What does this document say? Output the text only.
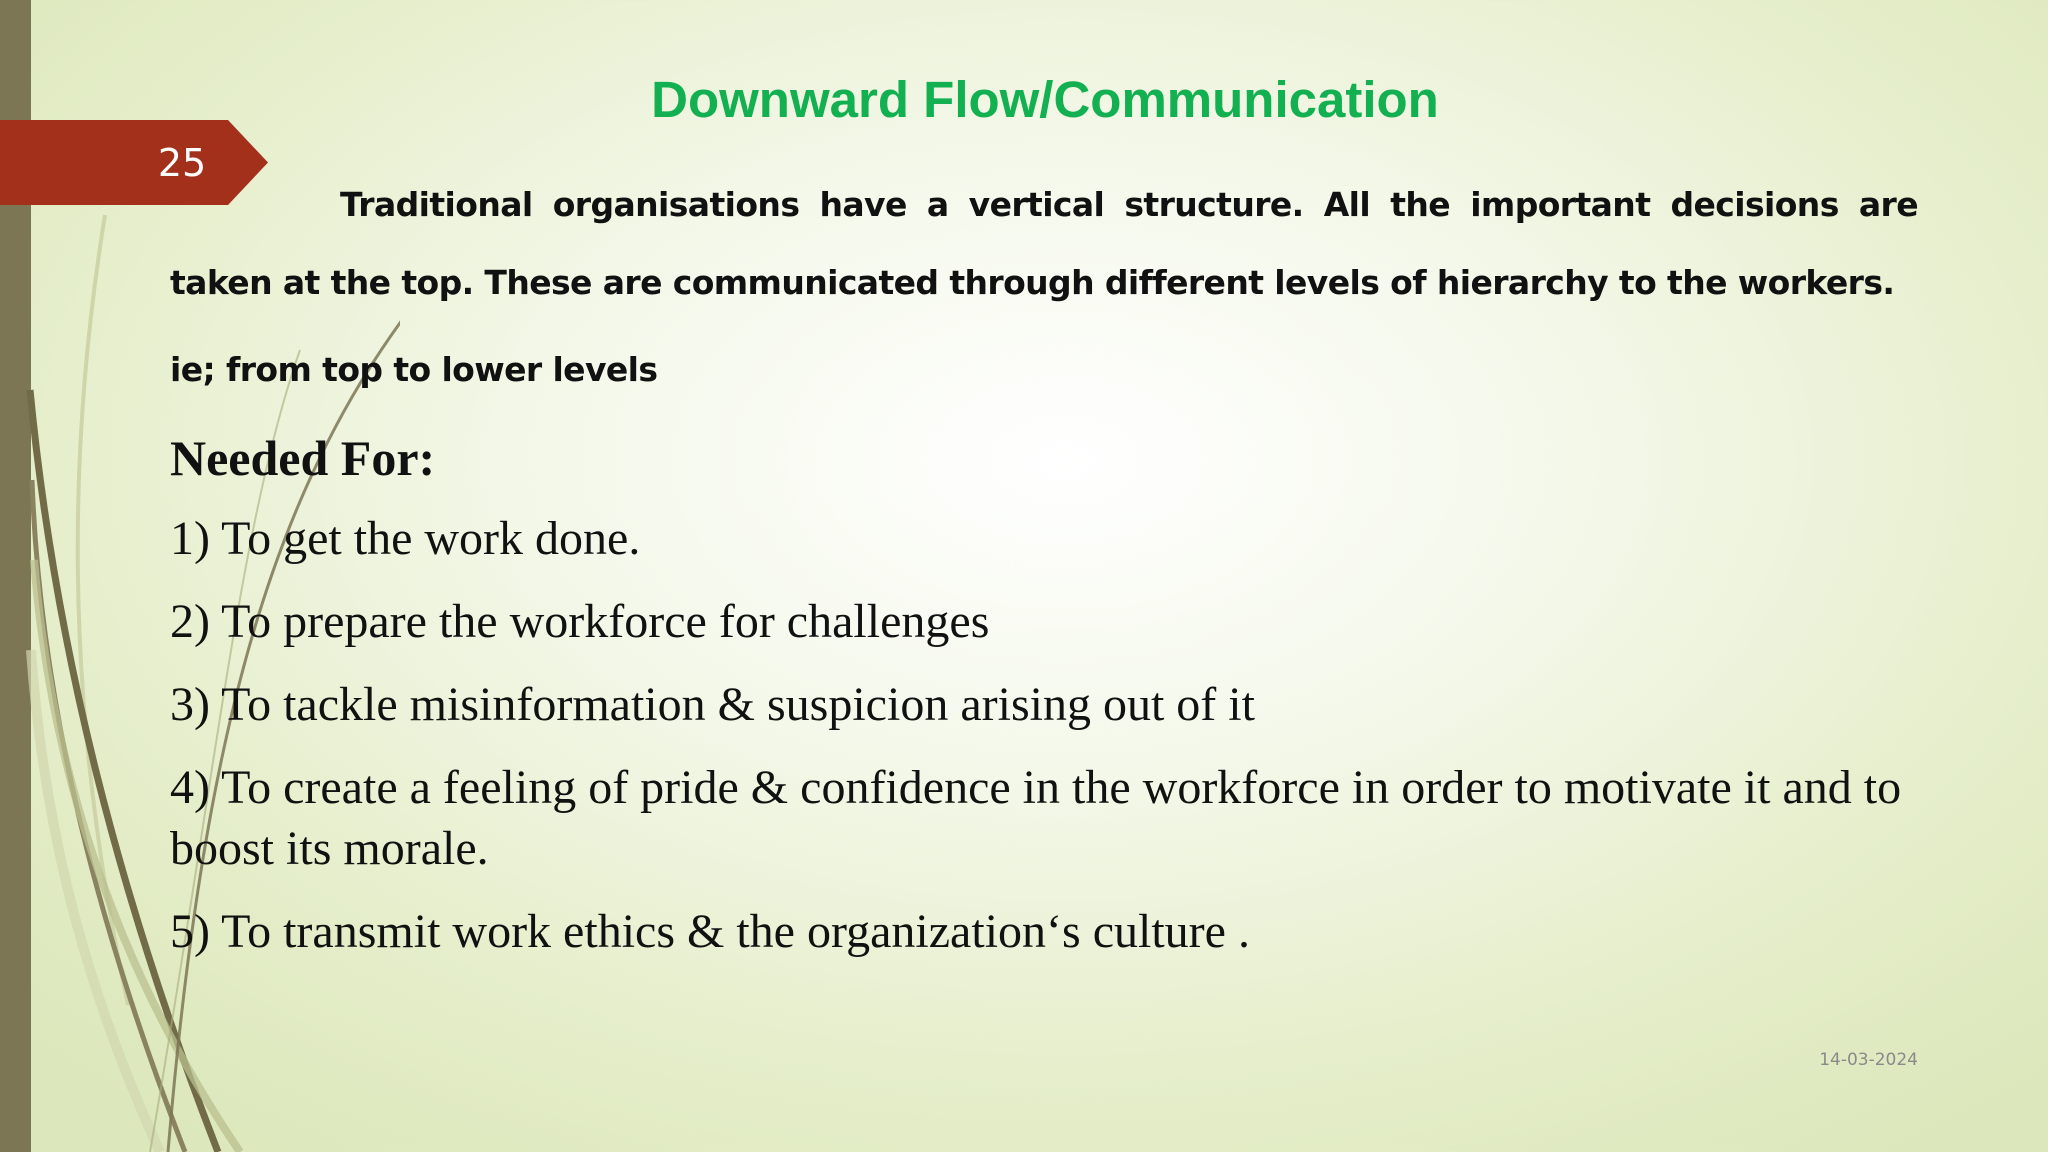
25
Downward Flow/Communication
Traditional organisations have a vertical structure. All the important decisions are taken at the top. These are communicated through different levels of hierarchy to the workers.
ie; from top to lower levels
Needed For:
1) To get the work done.
2) To prepare the workforce for challenges
3) To tackle misinformation & suspicion arising out of it
4) To create a feeling of pride & confidence in the workforce in order to motivate it and to boost its morale.
5) To transmit work ethics & the organization‘s culture .
14-03-2024
